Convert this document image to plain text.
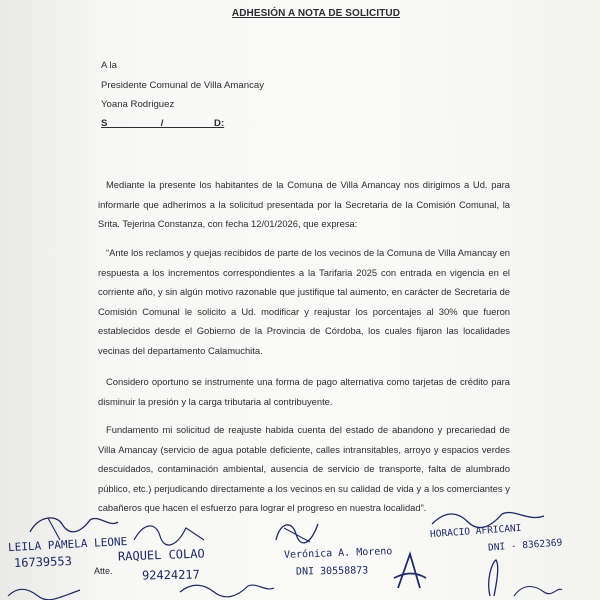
ADHESIÓN A NOTA DE SOLICITUD
A la
Presidente Comunal de Villa Amancay
Yoana Rodriguez
S                    /                   D:
Mediante la presente los habitantes de la Comuna de Villa Amancay nos dirigimos a Ud. para informarle que adherimos a la solicitud presentada por la Secretaria de la Comisión Comunal, la Srita. Tejerina Constanza, con fecha 12/01/2026, que expresa:
“Ante los reclamos y quejas recibidos de parte de los vecinos de la Comuna de Villa Amancay en respuesta a los incrementos correspondientes a la Tarifaria 2025 con entrada en vigencia en el corriente año, y sin algún motivo razonable que justifique tal aumento, en carácter de Secretaria de Comisión Comunal le solicito a Ud. modificar y reajustar los porcentajes al 30% que fueron establecidos desde el Gobierno de la Provincia de Córdoba, los cuales fijaron las localidades vecinas del departamento Calamuchita.
Considero oportuno se instrumente una forma de pago alternativa como tarjetas de crédito para disminuir la presión y la carga tributaria al contribuyente.
Fundamento mi solicitud de reajuste habida cuenta del estado de abandono y precariedad de Villa Amancay (servicio de agua potable deficiente, calles intransitables, arroyo y espacios verdes descuidados, contaminación ambiental, ausencia de servicio de transporte, falta de alumbrado público, etc.) perjudicando directamente a los vecinos en su calidad de vida y a los comerciantes y cabañeros que hacen el esfuerzo para lograr el progreso en nuestra localidad”.
Atte.
LEILA PAMELA LEONE
16739553	RAQUEL COLAO
92424217
Verónica A. Moreno
DNI 30558873
HORACIO AFRICANI
DNI - 8362369
